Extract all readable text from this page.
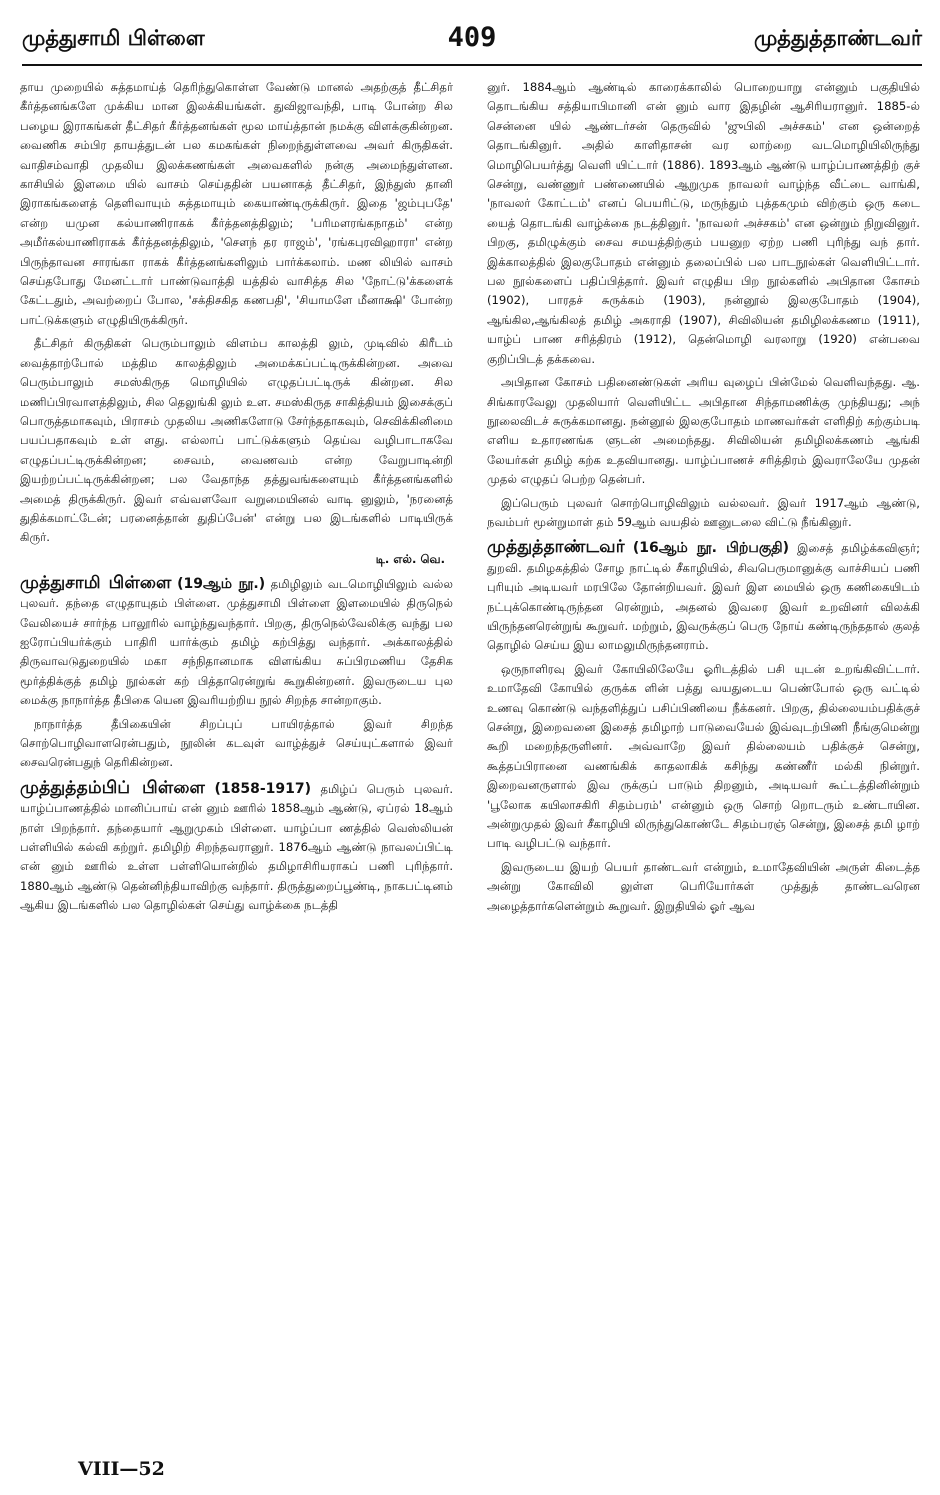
முத்துசாமி பிள்ளை	409	முத்துத்தாண்டவர்

தாய முறையில் சுத்தமாய்த் தெரிந்துகொள்ள வேண்டு மானல் அதற்குத் தீட்சிதர் கீர்த்தனங்களே முக்கிய மான இலக்கியங்கள். துவிஜாவந்தி, பாடி போன்ற சில பழைய இராகங்கள் தீட்சிதர் கீர்த்தனங்கள் மூல மாய்த்தான் நமக்கு விளக்குகின்றன. வைணிக சம்பிர தாயத்துடன் பல கமகங்கள் நிறைந்துள்ளவை அவர் கிருதிகள். வாதிசம்வாதி முதலிய இலக்கணங்கள் அவைகளில் நன்கு அமைந்துள்ளன. காசியில் இளமை யில் வாசம் செய்ததின் பயனாகத் தீட்சிதர், இந்துஸ் தானி இராகங்களைத் தெளிவாயும் சுத்தமாயும் கையாண்டிருக்கிருர். இதை 'ஜம்புபதே' என்ற யமுன கல்யாணிராகக் கீர்த்தனத்திலும்; 'பரிமளரங்கநாதம்' என்ற அமீர்கல்யாணிராகக் கீர்த்தனத்திலும், 'சௌந் தர ராஜம்', 'ரங்கபுரவிஹாரா' என்ற பிருந்தாவன சாரங்கா ராகக் கீர்த்தனங்களிலும் பார்க்கலாம். மண லியில் வாசம் செய்தபோது மேனட்டார் பாண்டுவாத்தி யத்தில் வாசித்த சில 'நோட்டு'க்களைக் கேட்டதும், அவற்றைப் போல, 'சக்திசகித கணபதி', 'சியாமளே மீனாக்ஷி' போன்ற பாட்டுக்களும் எழுதியிருக்கிருர்.

தீட்சிதர் கிருதிகள் பெரும்பாலும் விளம்ப காலத்தி லும், முடிவில் கிரீடம் வைத்தாற்போல் மத்திம காலத்திலும் அமைக்கப்பட்டிருக்கின்றன. அவை பெரும்பாலும் சமஸ்கிருத மொழியில் எழுதப்பட்டிருக் கின்றன. சில மணிப்பிரவாளத்திலும், சில தெலுங்கி லும் உள. சமஸ்கிருத சாகித்தியம் இசைக்குப் பொருத்தமாகவும், பிராசம் முதலிய அணிகளோடு சேர்ந்ததாகவும், செவிக்கினிமை பயப்பதாகவும் உள் ளது. எல்லாப் பாட்டுக்களும் தெய்வ வழிபாடாகவே எழுதப்பட்டிருக்கின்றன; சைவம், வைணவம் என்ற வேறுபாடின்றி இயற்றப்பட்டிருக்கின்றன; பல வேதாந்த தத்துவங்களையும் கீர்த்தனங்களில் அமைத் திருக்கிருர். இவர் எவ்வளவோ வறுமையினல் வாடி னுலும், 'நரனைத் துதிக்கமாட்டேன்; பரனைத்தான் துதிப்பேன்' என்று பல இடங்களில் பாடியிருக் கிருர்.

டி. எல். வெ.
முத்துசாமி பிள்ளை (19ஆம் நூ.) தமிழிலும் வடமொழியிலும் வல்ல புலவர். தந்தை எழுதாயுதம் பிள்ளை. முத்துசாமி பிள்ளை இளமையில் திருநெல் வேலியைச் சார்ந்த பாலூரில் வாழ்ந்துவந்தார். பிறகு, திருநெல்வேலிக்கு வந்து பல ஐரோப்பியர்க்கும் பாதிரி யார்க்கும் தமிழ் கற்பித்து வந்தார். அக்காலத்தில் திருவாவடுதுறையில் மகா சந்நிதானமாக விளங்கிய சுப்பிரமணிய தேசிக மூர்த்திக்குத் தமிழ் நூல்கள் கற் பித்தாரென்றுங் கூறுகின்றனர். இவருடைய புல மைக்கு நாநார்த்த தீபிகை யென இவரியற்றிய நூல் சிறந்த சான்றாகும்.

நாநார்த்த தீபிகையின் சிறப்புப் பாயிரத்தால் இவர் சிறந்த சொற்பொழிவாளரென்பதும், நூலின் கடவுள் வாழ்த்துச் செய்யுட்களால் இவர் சைவரென்பதுந் தெரிகின்றன.

முத்துத்தம்பிப் பிள்ளை (1858-1917) தமிழ்ப் பெரும் புலவர். யாழ்ப்பாணத்தில் மானிப்பாய் என் னும் ஊரில் 1858ஆம் ஆண்டு, ஏப்ரல் 18ஆம் நாள் பிறந்தார். தந்தையார் ஆறுமுகம் பிள்ளை. யாழ்ப்பா ணத்தில் வெஸ்லியன் பள்ளியில் கல்வி கற்றுர். தமிழிற் சிறந்தவரானுர். 1876ஆம் ஆண்டு நாவலப்பிட்டி என் னும் ஊரில் உள்ள பள்ளியொன்றில் தமிழாசிரியராகப் பணி புரிந்தார். 1880ஆம் ஆண்டு தென்னிந்தியாவிற்கு வந்தார். திருத்துறைப்பூண்டி, நாகபட்டினம் ஆகிய இடங்களில் பல தொழில்கள் செய்து வாழ்க்கை நடத்தி

னுர். 1884ஆம் ஆண்டில் காரைக்காலில் பொறையாறு என்னும் பகுதியில் தொடங்கிய சத்தியாபிமானி என் னும் வார இதழின் ஆசிரியரானுர். 1885-ல் சென்னை யில் ஆண்டர்சன் தெருவில் 'ஜுபிலி அச்சகம்' என ஒன்றைத் தொடங்கினுர். அதில் காளிதாசன் வர லாற்றை வடமொழியிலிருந்து மொழிபெயர்த்து வெளி யிட்டார் (1886). 1893ஆம் ஆண்டு யாழ்ப்பாணத்திற் குச் சென்று, வண்ணுர் பண்ணையில் ஆறுமுக நாவலர் வாழ்ந்த வீட்டை வாங்கி, 'நாவலர் கோட்டம்' எனப் பெயரிட்டு, மருந்தும் புத்தகமும் விற்கும் ஒரு கடை யைத் தொடங்கி வாழ்க்கை நடத்தினுர். 'நாவலர் அச்சகம்' என ஒன்றும் நிறுவினுர். பிறகு, தமிழுக்கும் சைவ சமயத்திற்கும் பயனுற ஏற்ற பணி புரிந்து வந் தார். இக்காலத்தில் இலகுபோதம் என்னும் தலைப்பில் பல பாடநூல்கள் வெளியிட்டார். பல நூல்களைப் பதிப்பித்தார். இவர் எழுதிய பிற நூல்களில் அபிதான கோசம் (1902), பாரதச் சுருக்கம் (1903), நன்னூல் இலகுபோதம் (1904), ஆங்கில,ஆங்கிலத் தமிழ் அகராதி (1907), சிவிலியன் தமிழிலக்கணம (1911), யாழ்ப் பாண சரித்திரம் (1912), தென்மொழி வரலாறு (1920) என்பவை குறிப்பிடத் தக்கவை.

அபிதான கோசம் பதினைண்டுகள் அரிய வுழைப் பின்மேல் வெளிவந்தது. ஆ. சிங்காரவேலு முதலியார் வெளியிட்ட அபிதான சிந்தாமணிக்கு முந்தியது; அந் நூலைவிடச் சுருக்கமானது. நன்னூல் இலகுபோதம் மாணவர்கள் எளிதிற் கற்கும்படி எளிய உதாரணங்க ளுடன் அமைந்தது. சிவிலியன் தமிழிலக்கணம் ஆங்கி லேயர்கள் தமிழ் கற்க உதவியானது. யாழ்ப்பாணச் சரித்திரம் இவராலேயே முதன் முதல் எழுதப் பெற்ற தென்பர்.

இப்பெரும் புலவர் சொற்பொழிவிலும் வல்லவர். இவர் 1917ஆம் ஆண்டு, நவம்பர் மூன்றுமாள் தம் 59ஆம் வயதில் ஊனுடலை விட்டு நீங்கினுர்.

முத்துத்தாண்டவர் (16ஆம் நூ. பிற்பகுதி) இசைத் தமிழ்க்கவிஞர்; துறவி. தமிழகத்தில் சோழ நாட்டில் சீகாழியில், சிவபெருமானுக்கு வாச்சியப் பணி புரியும் அடியவர் மரபிலே தோன்றியவர். இவர் இள மையில் ஒரு கணிகையிடம் நட்புக்கொண்டிருந்தன ரென்றும், அதனல் இவரை இவர் உறவினர் விலக்கி யிருந்தனரென்றுங் கூறுவர். மற்றும், இவருக்குப் பெரு நோய் கண்டிருந்ததால் குலத் தொழில் செய்ய இய லாமலுமிருந்தனராம்.

ஒருநாளிரவு இவர் கோயிலிலேயே ஓரிடத்தில் பசி யுடன் உறங்கிவிட்டார். உமாதேவி கோயில் குருக்க ளின் பத்து வயதுடைய பெண்போல் ஒரு வட்டில் உணவு கொண்டு வந்தளித்துப் பசிப்பிணியை நீக்கனர். பிறகு, தில்லையம்பதிக்குச் சென்று, இறைவனை இசைத் தமிழாற் பாடுவையேல் இவ்வுடற்பிணி நீங்குமென்று கூறி மறைந்தருளினர். அவ்வாறே இவர் தில்லையம் பதிக்குச் சென்று, கூத்தப்பிரானை வணங்கிக் காதலாகிக் கசிந்து கண்ணீர் மல்கி நின்றுர். இறைவனருளால் இவ ருக்குப் பாடும் திறனும், அடியவர் கூட்டத்தினின்றும் 'பூலோக கயிலாசகிரி சிதம்பரம்' என்னும் ஒரு சொற் றொடரும் உண்டாயின. அன்றுமுதல் இவர் சீகாழியி லிருந்துகொண்டே சிதம்பரஞ் சென்று, இசைத் தமி ழாற் பாடி வழிபட்டு வந்தார்.

இவருடைய இயற் பெயர் தாண்டவர் என்றும், உமாதேவியின் அருள் கிடைத்த அன்று கோவிலி லுள்ள பெரியோர்கள் முத்துத் தாண்டவரென அழைத்தார்களென்றும் கூறுவர். இறுதியில் ஓர் ஆவ

VIII—52
